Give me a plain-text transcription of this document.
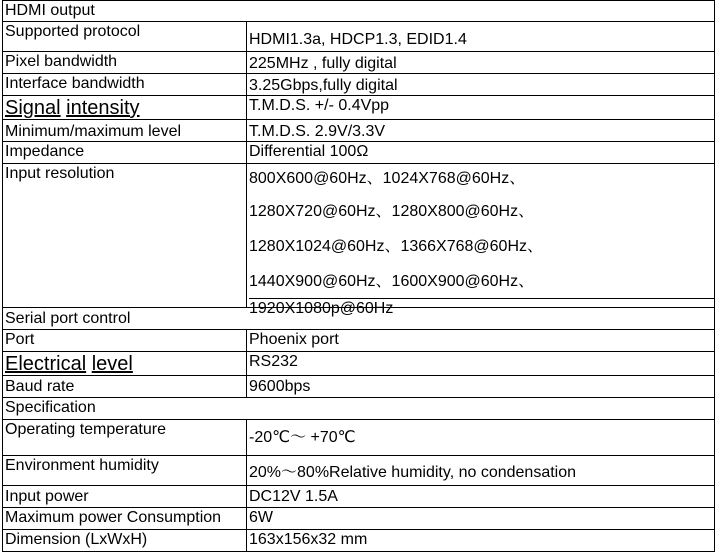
HDMI output
Supported protocol	HDMI1.3a, HDCP1.3, EDID1.4
Pixel bandwidth	225MHz , fully digital
Interface bandwidth	3.25Gbps,fully digital
Signal intensity	T.M.D.S. +/- 0.4Vpp
Minimum/maximum level	T.M.D.S. 2.9V/3.3V
Impedance	Differential 100Ω
Input resolution	800X600@60Hz、1024X768@60Hz、
1280X720@60Hz、1280X800@60Hz、
1280X1024@60Hz、1366X768@60Hz、
1440X900@60Hz、1600X900@60Hz、
1920X1080p@60Hz
Serial port control
Port	Phoenix port
Electrical level	RS232
Baud rate	9600bps
Specification
Operating temperature	-20℃～ +70℃
Environment humidity	20%～80%Relative humidity, no condensation
Input power	DC12V 1.5A
Maximum power Consumption	6W
Dimension (LxWxH)	163x156x32 mm
